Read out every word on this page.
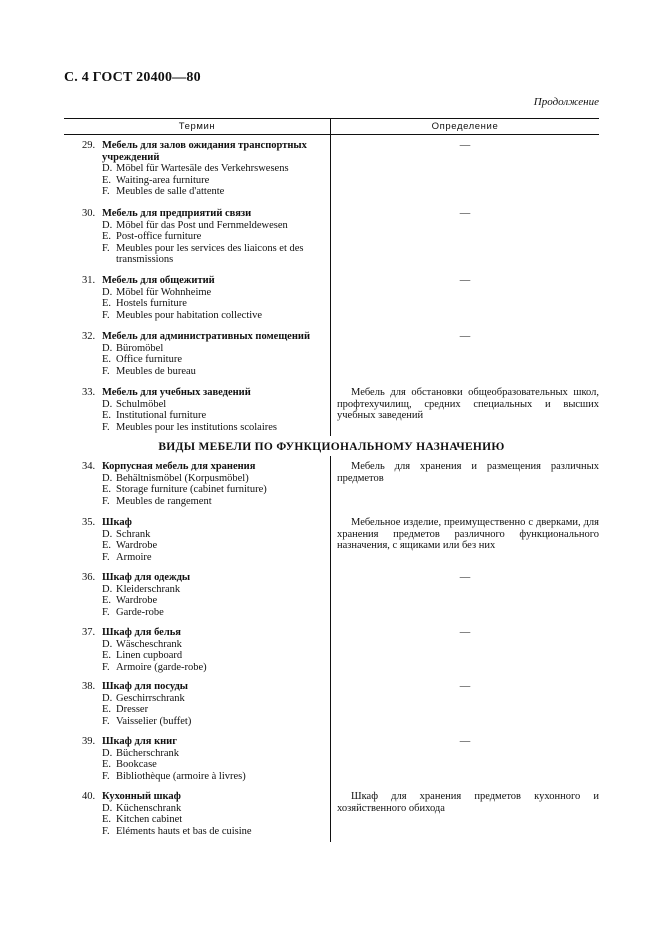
С. 4 ГОСТ 20400—80
Продолжение
Термин	Определение
ВИДЫ МЕБЕЛИ ПО ФУНКЦИОНАЛЬНОМУ НАЗНАЧЕНИЮ
29. Мебель для залов ожидания транспортных
учреждений
D. Möbel für Wartesäle des Verkehrswesens
E. Waiting-area furniture
F. Meubles de salle d'attente
—
30. Мебель для предприятий связи
D. Möbel für das Post und Fernmeldewesen
E. Post-office furniture
F. Meubles pour les services des liaicons et des
transmissions
—
31. Мебель для общежитий
D. Möbel für Wohnheime
E. Hostels furniture
F. Meubles pour habitation collective
—
32. Мебель для административных помещений
D. Büromöbel
E. Office furniture
F. Meubles de bureau
—
33. Мебель для учебных заведений
D. Schulmöbel
E. Institutional furniture
F. Meubles pour les institutions scolaires
Мебель для обстановки общеобразовательных школ, профтехучилищ, средних специальных и высших учебных заведений
34. Корпусная мебель для хранения
D. Behältnismöbel (Korpusmöbel)
E. Storage furniture (cabinet furniture)
F. Meubles de rangement
Мебель для хранения и размещения различных предметов
35. Шкаф
D. Schrank
E. Wardrobe
F. Armoire
Мебельное изделие, преимущественно с дверками, для хранения предметов различного функционального назначения, с ящиками или без них
36. Шкаф для одежды
D. Kleiderschrank
E. Wardrobe
F. Garde-robe
—
37. Шкаф для белья
D. Wäscheschrank
E. Linen cupboard
F. Armoire (garde-robe)
—
38. Шкаф для посуды
D. Geschirrschrank
E. Dresser
F. Vaisselier (buffet)
—
39. Шкаф для книг
D. Bücherschrank
E. Bookcase
F. Bibliothèque (armoire à livres)
—
40. Кухонный шкаф
D. Küchenschrank
E. Kitchen cabinet
F. Eléments hauts et bas de cuisine
Шкаф для хранения предметов кухонного и хозяйственного обихода
